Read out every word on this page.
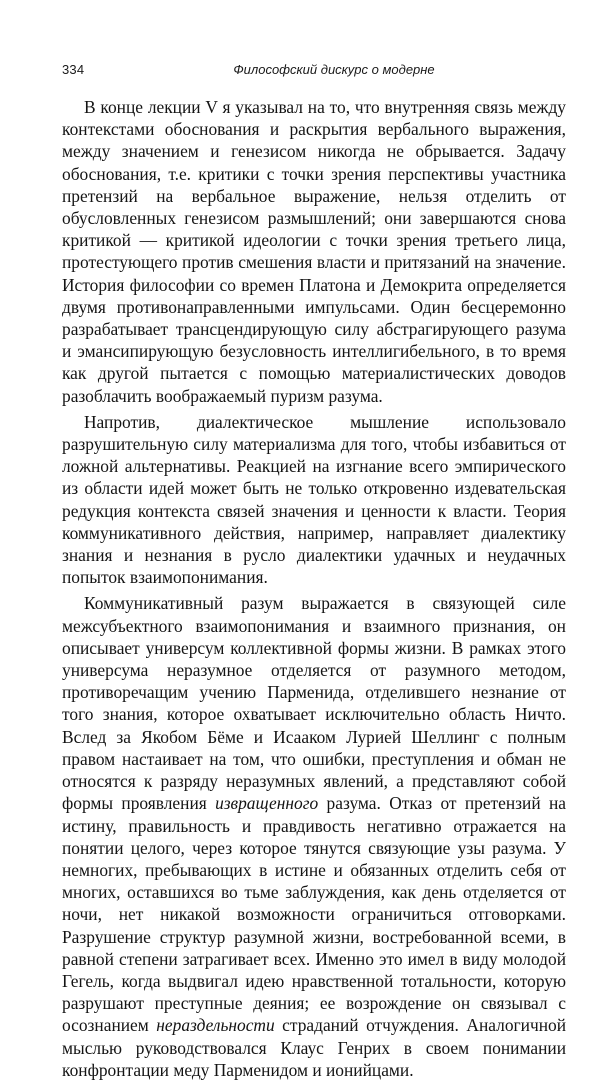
334	Философский дискурс о модерне

В конце лекции V я указывал на то, что внутренняя связь между контекстами обоснования и раскрытия вербального выражения, между значением и генезисом никогда не обрывается. Задачу обоснования, т.е. критики с точки зрения перспективы участника претензий на вербальное выражение, нельзя отделить от обусловленных генезисом размышлений; они завершаются снова критикой — критикой идеологии с точки зрения третьего лица, протестующего против смешения власти и притязаний на значение. История философии со времен Платона и Демокрита определяется двумя противонаправленными импульсами. Один бесцеремонно разрабатывает трансцендирующую силу абстрагирующего разума и эмансипирующую безусловность интеллигибельного, в то время как другой пытается с помощью материалистических доводов разоблачить воображаемый пуризм разума.

Напротив, диалектическое мышление использовало разрушительную силу материализма для того, чтобы избавиться от ложной альтернативы. Реакцией на изгнание всего эмпирического из области идей может быть не только откровенно издевательская редукция контекста связей значения и ценности к власти. Теория коммуникативного действия, например, направляет диалектику знания и незнания в русло диалектики удачных и неудачных попыток взаимопонимания.

Коммуникативный разум выражается в связующей силе межсубъектного взаимопонимания и взаимного признания, он описывает универсум коллективной формы жизни. В рамках этого универсума неразумное отделяется от разумного методом, противоречащим учению Парменида, отделившего незнание от того знания, которое охватывает исключительно область Ничто. Вслед за Якобом Бёме и Исааком Лурией Шеллинг с полным правом настаивает на том, что ошибки, преступления и обман не относятся к разряду неразумных явлений, а представляют собой формы проявления извращенного разума. Отказ от претензий на истину, правильность и правдивость негативно отражается на понятии целого, через которое тянутся связующие узы разума. У немногих, пребывающих в истине и обязанных отделить себя от многих, оставшихся во тьме заблуждения, как день отделяется от ночи, нет никакой возможности ограничиться отговорками. Разрушение структур разумной жизни, востребованной всеми, в равной степени затрагивает всех. Именно это имел в виду молодой Гегель, когда выдвигал идею нравственной тотальности, которую разрушают преступные деяния; ее возрождение он связывал с осознанием нераздельности страданий отчуждения. Аналогичной мыслью руководствовался Клаус Генрих в своем понимании конфронтации меду Парменидом и ионийцами.
